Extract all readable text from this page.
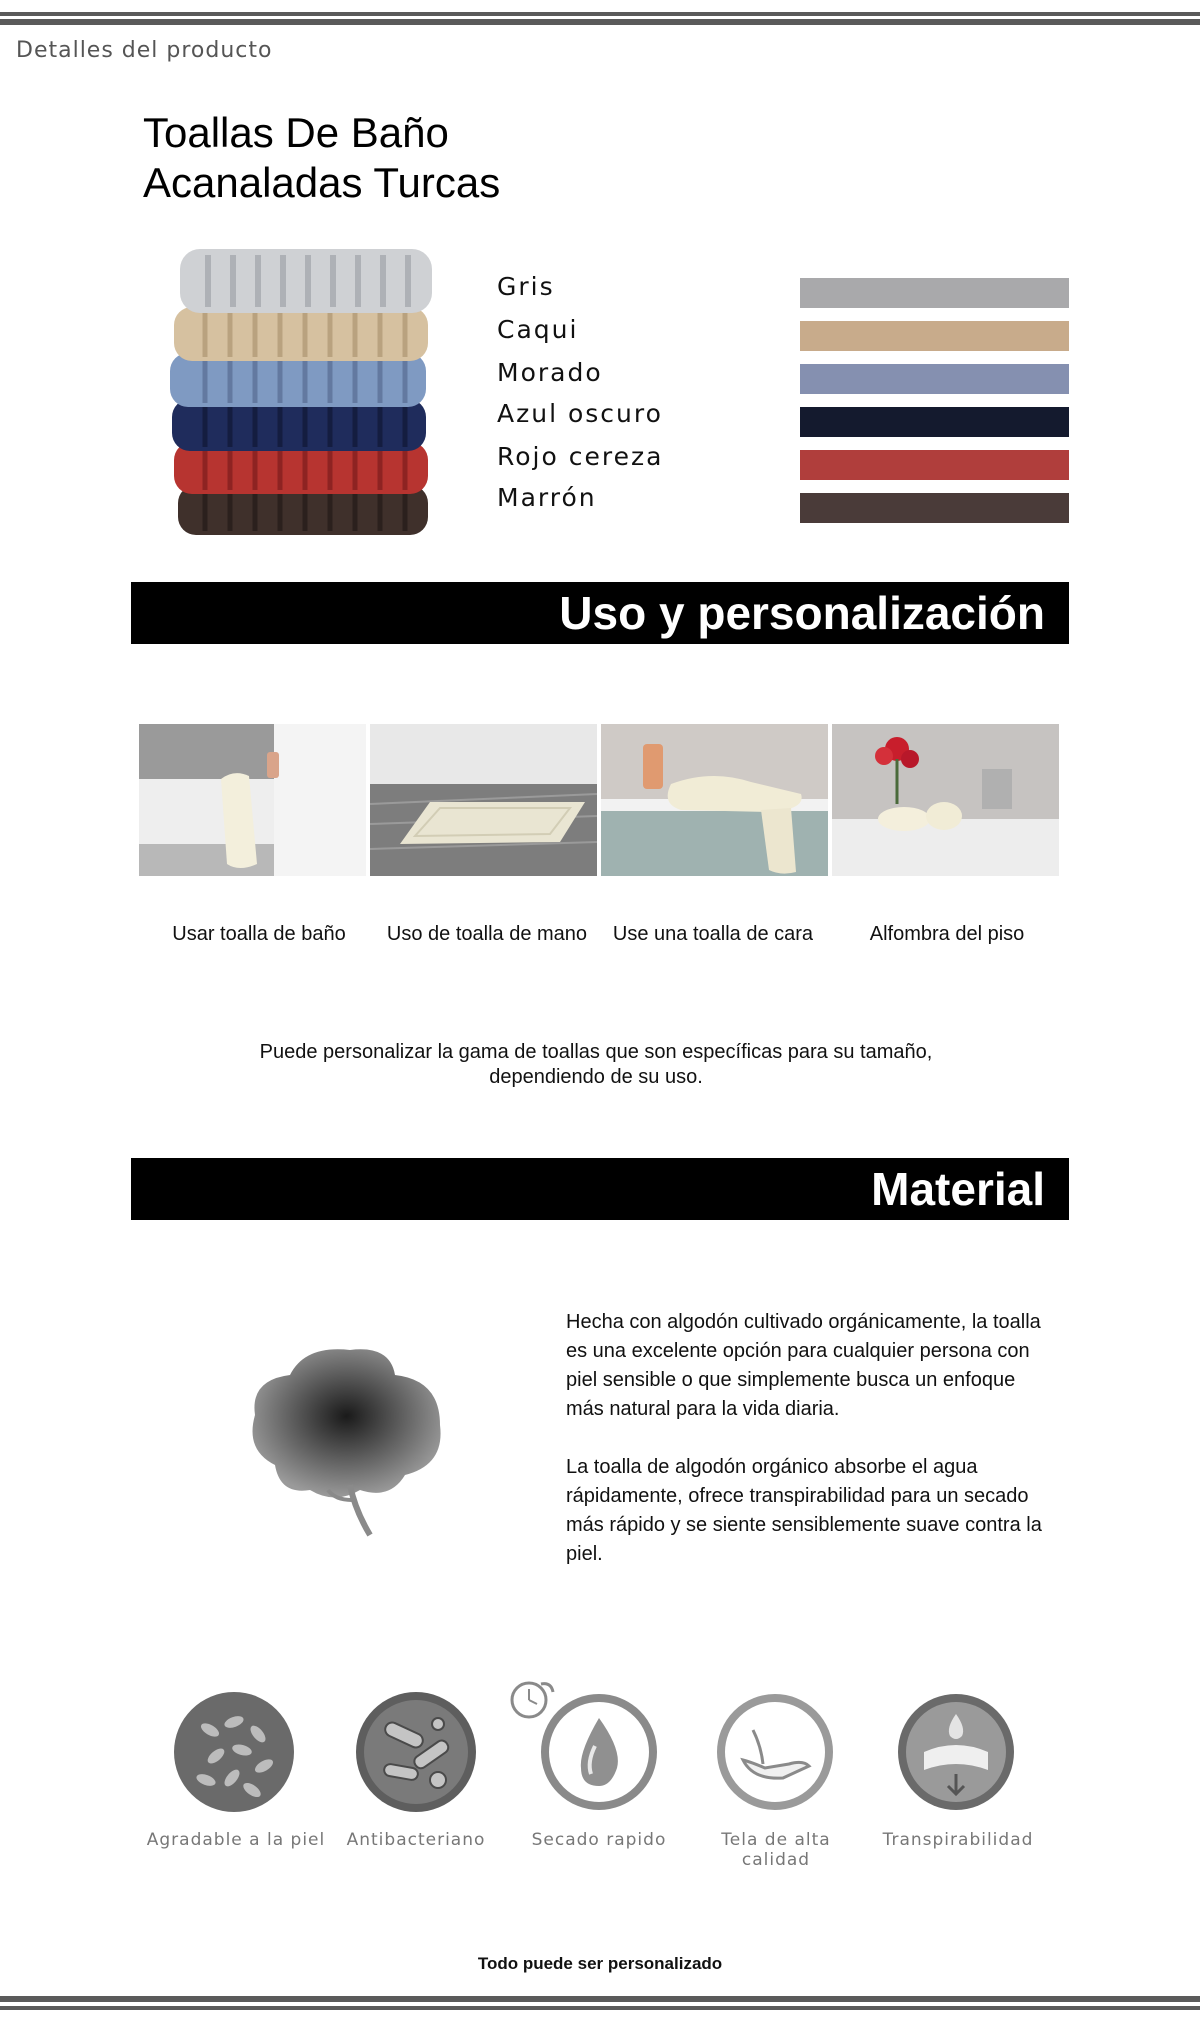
Detalles del producto
Toallas De Baño
Acanaladas Turcas
Gris
Caqui
Morado
Azul oscuro
Rojo cereza
Marrón
Uso y personalización
Usar toalla de baño	Uso de toalla de mano	Use una toalla de cara	Alfombra del piso
Puede personalizar la gama de toallas que son específicas para su tamaño, dependiendo de su uso.
Material

Hecha con algodón cultivado orgánicamente, la toalla es una excelente opción para cualquier persona con piel sensible o que simplemente busca un enfoque más natural para la vida diaria.

La toalla de algodón orgánico absorbe el agua rápidamente, ofrece transpirabilidad para un secado más rápido y se siente sensiblemente suave contra la piel.

Agradable a la piel	Antibacteriano	Secado rapido	Tela de alta calidad
Transpirabilidad
Todo puede ser personalizado
